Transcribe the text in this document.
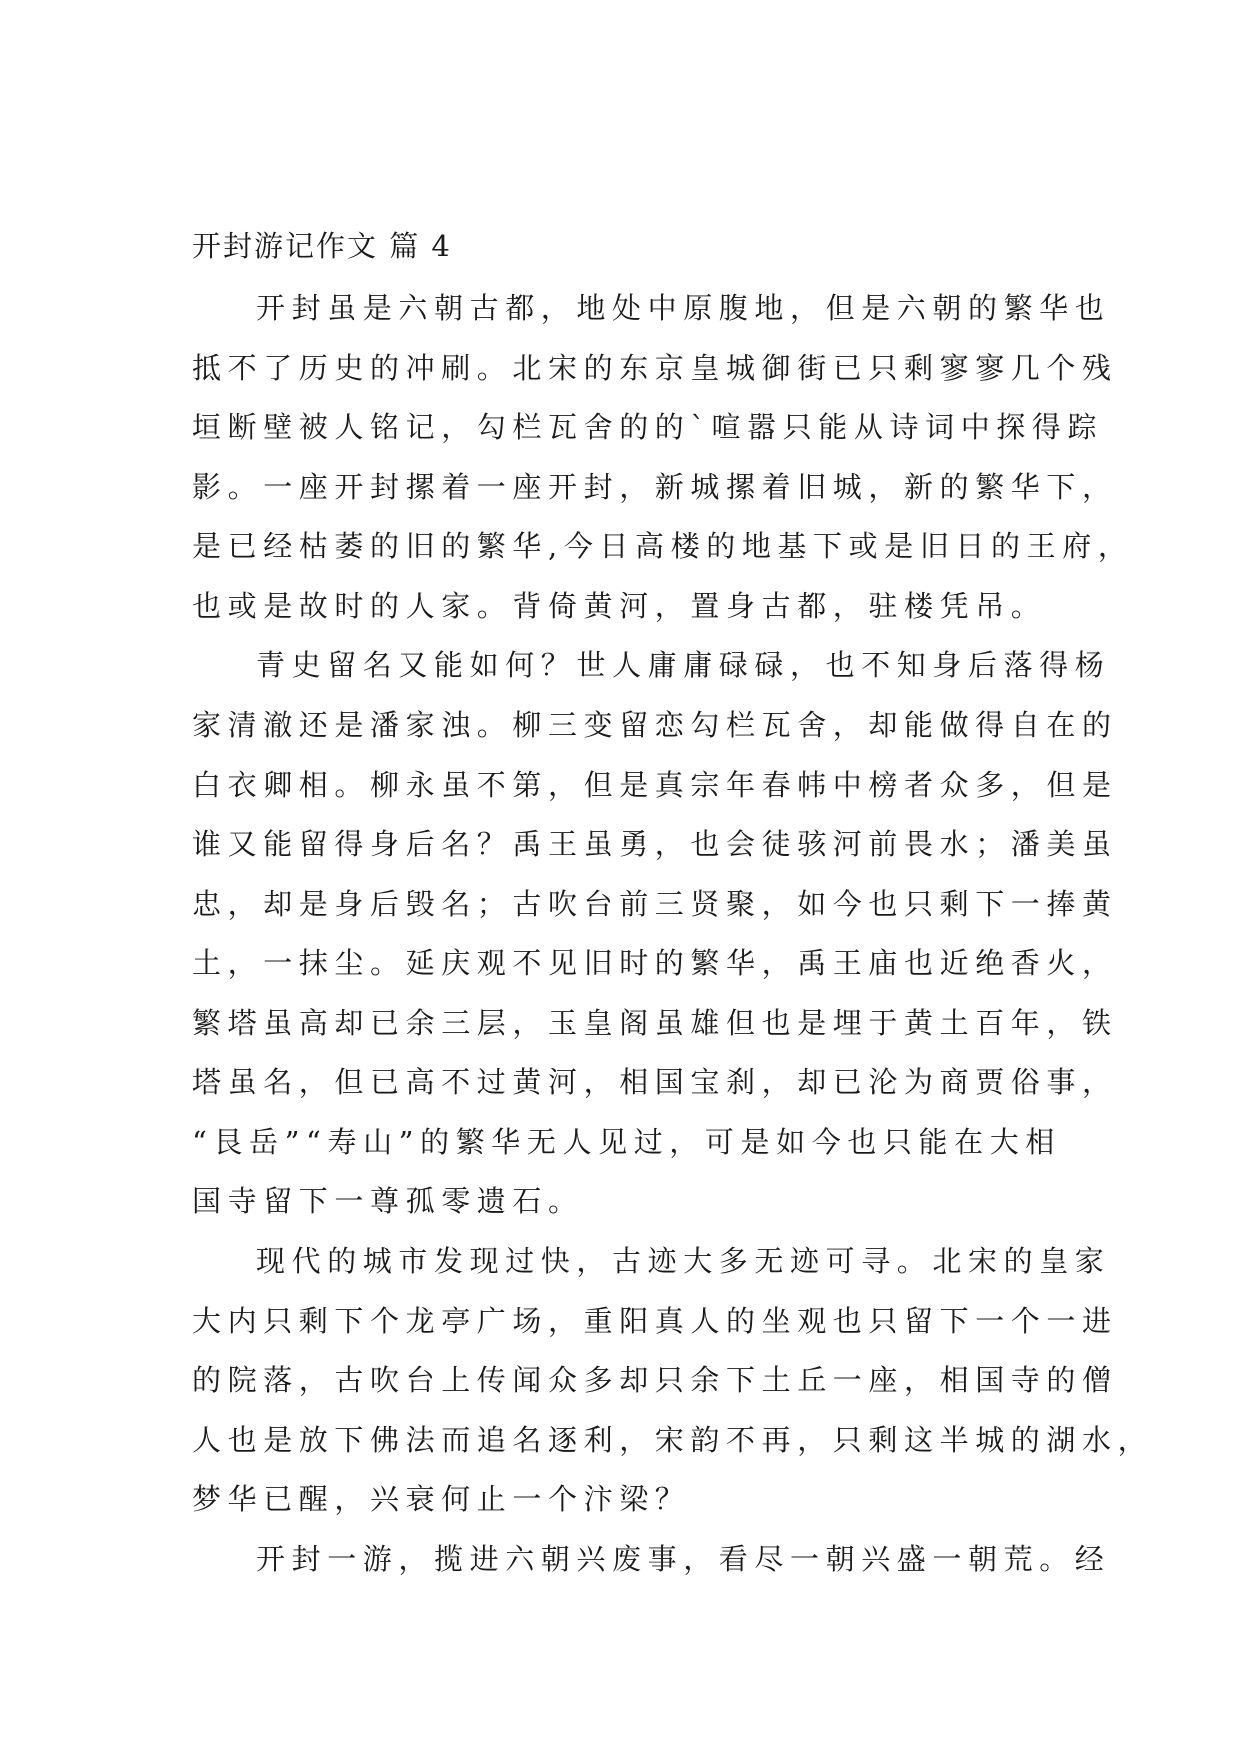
开封游记作文 篇 4
开封虽是六朝古都，地处中原腹地，但是六朝的繁华也
抵不了历史的冲刷。北宋的东京皇城御街已只剩寥寥几个残
垣断壁被人铭记，勾栏瓦舍的的`喧嚣只能从诗词中探得踪
影。一座开封摞着一座开封，新城摞着旧城，新的繁华下，
是已经枯萎的旧的繁华,今日高楼的地基下或是旧日的王府，
也或是故时的人家。背倚黄河，置身古都，驻楼凭吊。
青史留名又能如何？世人庸庸碌碌，也不知身后落得杨
家清澈还是潘家浊。柳三变留恋勾栏瓦舍，却能做得自在的
白衣卿相。柳永虽不第，但是真宗年春帏中榜者众多，但是
谁又能留得身后名？禹王虽勇，也会徒骇河前畏水；潘美虽
忠，却是身后毁名；古吹台前三贤聚，如今也只剩下一捧黄
土，一抹尘。延庆观不见旧时的繁华，禹王庙也近绝香火，
繁塔虽高却已余三层，玉皇阁虽雄但也是埋于黄土百年，铁
塔虽名，但已高不过黄河，相国宝刹，却已沦为商贾俗事，
“艮岳”“寿山”的繁华无人见过，可是如今也只能在大相
国寺留下一尊孤零遗石。
现代的城市发现过快，古迹大多无迹可寻。北宋的皇家
大内只剩下个龙亭广场，重阳真人的坐观也只留下一个一进
的院落，古吹台上传闻众多却只余下土丘一座，相国寺的僧
人也是放下佛法而追名逐利，宋韵不再，只剩这半城的湖水，
梦华已醒，兴衰何止一个汴梁？
开封一游，揽进六朝兴废事，看尽一朝兴盛一朝荒。经
